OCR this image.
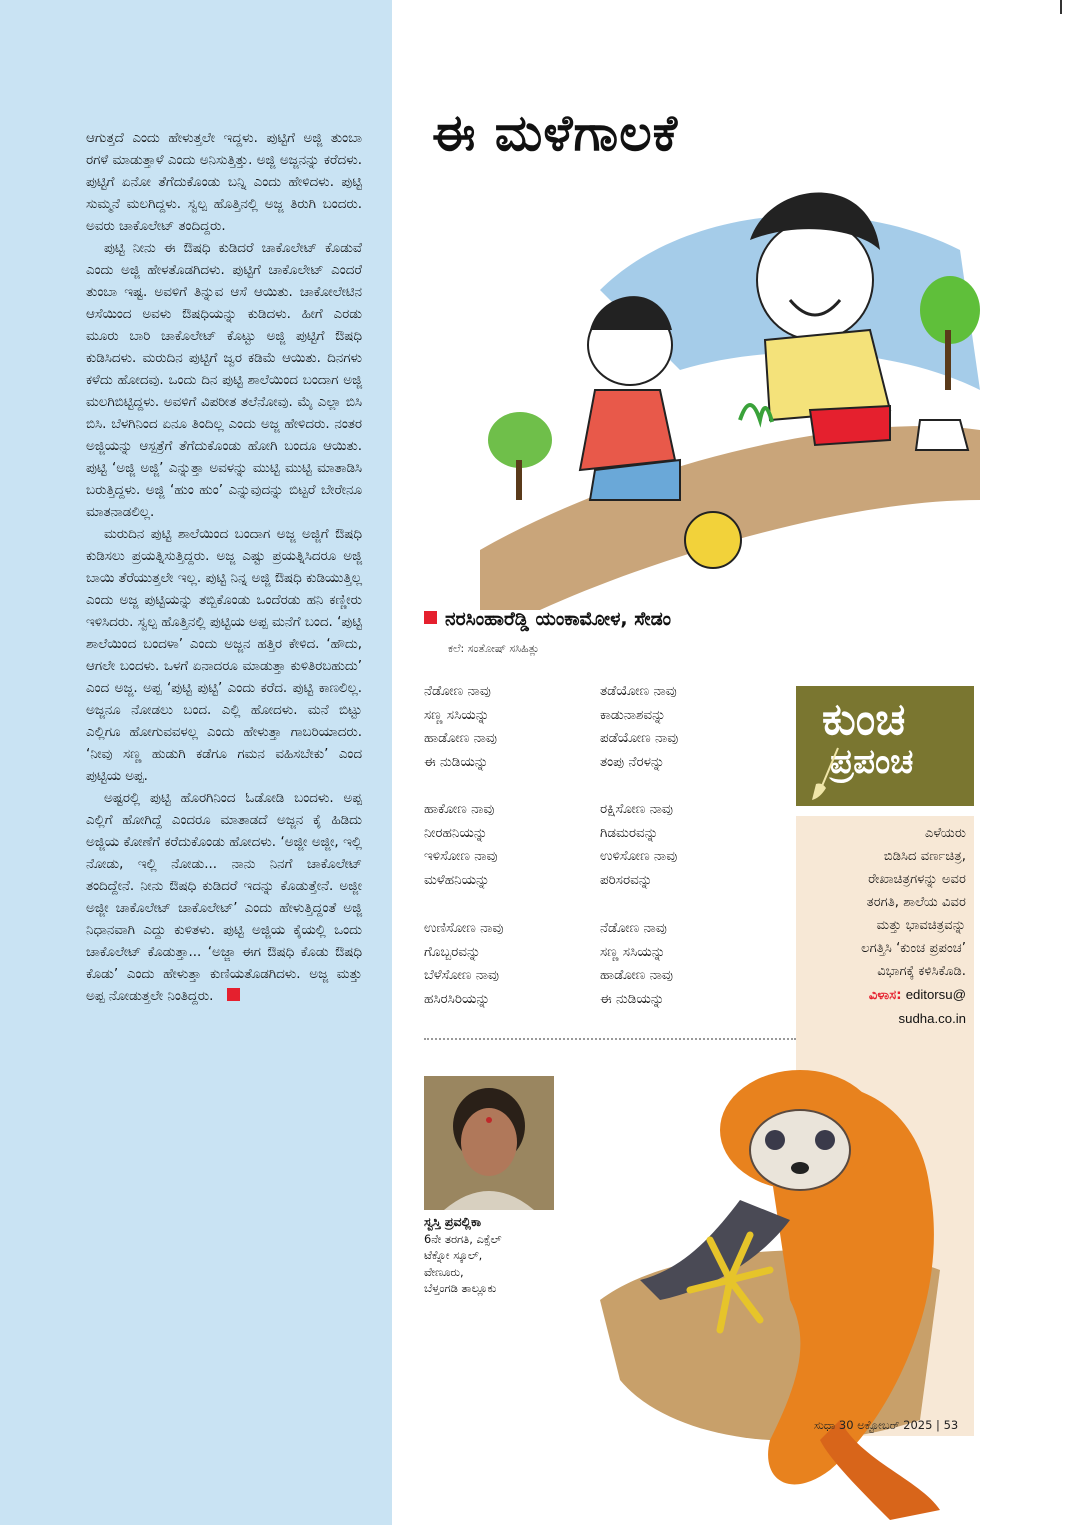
ಆಗುತ್ತದೆ ಎಂದು ಹೇಳುತ್ತಲೇ ಇದ್ದಳು. ಪುಟ್ಟಿಗೆ ಅಜ್ಜಿ ತುಂಬಾ ರಗಳೆ ಮಾಡುತ್ತಾಳೆ ಎಂದು ಅನಿಸುತ್ತಿತ್ತು. ಅಜ್ಜಿ ಅಜ್ಜನನ್ನು ಕರೆದಳು. ಪುಟ್ಟಿಗೆ ಏನೋ ತೆಗೆದುಕೊಂಡು ಬನ್ನಿ ಎಂದು ಹೇಳಿದಳು. ಪುಟ್ಟಿ ಸುಮ್ಮನೆ ಮಲಗಿದ್ದಳು. ಸ್ವಲ್ಪ ಹೊತ್ತಿನಲ್ಲಿ ಅಜ್ಜ ತಿರುಗಿ ಬಂದರು. ಅವರು ಚಾಕೊಲೇಟ್ ತಂದಿದ್ದರು.

ಪುಟ್ಟಿ ನೀನು ಈ ಔಷಧಿ ಕುಡಿದರೆ ಚಾಕೊಲೇಟ್ ಕೊಡುವೆ ಎಂದು ಅಜ್ಜಿ ಹೇಳತೊಡಗಿದಳು. ಪುಟ್ಟಿಗೆ ಚಾಕೊಲೇಟ್ ಎಂದರೆ ತುಂಬಾ ಇಷ್ಟ. ಅವಳಿಗೆ ತಿನ್ನುವ ಆಸೆ ಆಯಿತು. ಚಾಕೋಲೇಟಿನ ಆಸೆಯಿಂದ ಅವಳು ಔಷಧಿಯನ್ನು ಕುಡಿದಳು. ಹೀಗೆ ಎರಡು ಮೂರು ಬಾರಿ ಚಾಕೊಲೇಟ್ ಕೊಟ್ಟು ಅಜ್ಜಿ ಪುಟ್ಟಿಗೆ ಔಷಧಿ ಕುಡಿಸಿದಳು. ಮರುದಿನ ಪುಟ್ಟಿಗೆ ಜ್ವರ ಕಡಿಮೆ ಆಯಿತು. ದಿನಗಳು ಕಳೆದು ಹೋದವು. ಒಂದು ದಿನ ಪುಟ್ಟಿ ಶಾಲೆಯಿಂದ ಬಂದಾಗ ಅಜ್ಜಿ ಮಲಗಿಬಿಟ್ಟಿದ್ದಳು. ಅವಳಿಗೆ ವಿಪರೀತ ತಲೆನೋವು. ಮೈ ಎಲ್ಲಾ ಬಿಸಿ ಬಿಸಿ. ಬೆಳಗಿನಿಂದ ಏನೂ ತಿಂದಿಲ್ಲ ಎಂದು ಅಜ್ಜ ಹೇಳಿದರು. ನಂತರ ಅಜ್ಜಿಯನ್ನು ಆಸ್ಪತ್ರೆಗೆ ತೆಗೆದುಕೊಂಡು ಹೋಗಿ ಬಂದೂ ಆಯಿತು. ಪುಟ್ಟಿ ‘ಅಜ್ಜಿ ಅಜ್ಜಿ’ ಎನ್ನುತ್ತಾ ಅವಳನ್ನು ಮುಟ್ಟಿ ಮುಟ್ಟಿ ಮಾತಾಡಿಸಿ ಬರುತ್ತಿದ್ದಳು. ಅಜ್ಜಿ ‘ಹುಂ ಹುಂ’ ಎನ್ನುವುದನ್ನು ಬಿಟ್ಟರೆ ಬೇರೇನೂ ಮಾತನಾಡಲಿಲ್ಲ.

ಮರುದಿನ ಪುಟ್ಟಿ ಶಾಲೆಯಿಂದ ಬಂದಾಗ ಅಜ್ಜ ಅಜ್ಜಿಗೆ ಔಷಧಿ ಕುಡಿಸಲು ಪ್ರಯತ್ನಿಸುತ್ತಿದ್ದರು. ಅಜ್ಜ ಎಷ್ಟು ಪ್ರಯತ್ನಿಸಿದರೂ ಅಜ್ಜಿ ಬಾಯಿ ತೆರೆಯುತ್ತಲೇ ಇಲ್ಲ. ಪುಟ್ಟಿ ನಿನ್ನ ಅಜ್ಜಿ ಔಷಧಿ ಕುಡಿಯುತ್ತಿಲ್ಲ ಎಂದು ಅಜ್ಜ ಪುಟ್ಟಿಯನ್ನು ತಬ್ಬಿಕೊಂಡು ಒಂದೆರಡು ಹನಿ ಕಣ್ಣೀರು ಇಳಿಸಿದರು. ಸ್ವಲ್ಪ ಹೊತ್ತಿನಲ್ಲಿ ಪುಟ್ಟಿಯ ಅಪ್ಪ ಮನೆಗೆ ಬಂದ. ‘ಪುಟ್ಟಿ ಶಾಲೆಯಿಂದ ಬಂದಳಾ’ ಎಂದು ಅಜ್ಜನ ಹತ್ತಿರ ಕೇಳಿದ. ‘ಹೌದು, ಆಗಲೇ ಬಂದಳು. ಒಳಗೆ ಏನಾದರೂ ಮಾಡುತ್ತಾ ಕುಳಿತಿರಬಹುದು’ ಎಂದ ಅಜ್ಜ. ಅಪ್ಪ ‘ಪುಟ್ಟಿ ಪುಟ್ಟಿ’ ಎಂದು ಕರೆದ. ಪುಟ್ಟಿ ಕಾಣಲಿಲ್ಲ. ಅಜ್ಜನೂ ನೋಡಲು ಬಂದ. ಎಲ್ಲಿ ಹೋದಳು. ಮನೆ ಬಿಟ್ಟು ಎಲ್ಲಿಗೂ ಹೋಗುವವಳಲ್ಲ ಎಂದು ಹೇಳುತ್ತಾ ಗಾಬರಿಯಾದರು. ‘ನೀವು ಸಣ್ಣ ಹುಡುಗಿ ಕಡೆಗೂ ಗಮನ ವಹಿಸಬೇಕು’ ಎಂದ ಪುಟ್ಟಿಯ ಅಪ್ಪ.

ಅಷ್ಟರಲ್ಲಿ ಪುಟ್ಟಿ ಹೊರಗಿನಿಂದ ಓಡೋಡಿ ಬಂದಳು. ಅಪ್ಪ ಎಲ್ಲಿಗೆ ಹೋಗಿದ್ದೆ ಎಂದರೂ ಮಾತಾಡದೆ ಅಜ್ಜನ ಕೈ ಹಿಡಿದು ಅಜ್ಜಿಯ ಕೋಣೆಗೆ ಕರೆದುಕೊಂಡು ಹೋದಳು. ‘ಅಜ್ಜೀ ಅಜ್ಜೀ, ಇಲ್ಲಿ ನೋಡು, ಇಲ್ಲಿ ನೋಡು... ನಾನು ನಿನಗೆ ಚಾಕೊಲೇಟ್ ತಂದಿದ್ದೇನೆ. ನೀನು ಔಷಧಿ ಕುಡಿದರೆ ಇದನ್ನು ಕೊಡುತ್ತೇನೆ. ಅಜ್ಜೀ ಅಜ್ಜೀ ಚಾಕೊಲೇಟ್ ಚಾಕೊಲೇಟ್’ ಎಂದು ಹೇಳುತ್ತಿದ್ದಂತೆ ಅಜ್ಜಿ ನಿಧಾನವಾಗಿ ಎದ್ದು ಕುಳಿತಳು. ಪುಟ್ಟಿ ಅಜ್ಜಿಯ ಕೈಯಲ್ಲಿ ಒಂದು ಚಾಕೊಲೇಟ್ ಕೊಡುತ್ತಾ... ‘ಅಜ್ಜಾ ಈಗ ಔಷಧಿ ಕೊಡು ಔಷಧಿ ಕೊಡು’ ಎಂದು ಹೇಳುತ್ತಾ ಕುಣಿಯತೊಡಗಿದಳು. ಅಜ್ಜ ಮತ್ತು ಅಪ್ಪ ನೋಡುತ್ತಲೇ ನಿಂತಿದ್ದರು.

ಈ ಮಳೆಗಾಲಕೆ
ನರಸಿಂಹಾರೆಡ್ಡಿ ಯಂಕಾಮೋಳ, ಸೇಡಂ
ಕಲೆ: ಸಂತೋಷ್ ಸಸಿಹಿತ್ಲು
ನೆಡೋಣ ನಾವು
ಸಣ್ಣ ಸಸಿಯನ್ನು
ಹಾಡೋಣ ನಾವು
ಈ ನುಡಿಯನ್ನು
ತಡೆಯೋಣ ನಾವು
ಕಾಡುನಾಶವನ್ನು
ಪಡೆಯೋಣ ನಾವು
ತಂಪು ನೆರಳನ್ನು
ಹಾಕೋಣ ನಾವು
ನೀರಹನಿಯನ್ನು
ಇಳಿಸೋಣ ನಾವು
ಮಳೆಹನಿಯನ್ನು
ರಕ್ಷಿಸೋಣ ನಾವು
ಗಿಡಮರವನ್ನು
ಉಳಿಸೋಣ ನಾವು
ಪರಿಸರವನ್ನು
ಉಣಿಸೋಣ ನಾವು
ಗೊಬ್ಬರವನ್ನು
ಬೆಳೆಸೋಣ ನಾವು
ಹಸಿರಸಿರಿಯನ್ನು
ನೆಡೋಣ ನಾವು
ಸಣ್ಣ ಸಸಿಯನ್ನು
ಹಾಡೋಣ ನಾವು
ಈ ನುಡಿಯನ್ನು
ಕುಂಚ
ಪ್ರಪಂಚ
ಎಳೆಯರು
ಬಿಡಿಸಿದ ವರ್ಣಚಿತ್ರ,
ರೇಖಾಚಿತ್ರಗಳನ್ನು ಅವರ
ತರಗತಿ, ಶಾಲೆಯ ವಿವರ
ಮತ್ತು ಭಾವಚಿತ್ರವನ್ನು
ಲಗತ್ತಿಸಿ ‘ಕುಂಚ ಪ್ರಪಂಚ’
ವಿಭಾಗಕ್ಕೆ ಕಳಿಸಿಕೊಡಿ.
ವಿಳಾಸ: editorsu@
sudha.co.in
ಸ್ವಸ್ತಿ ಪ್ರವಲ್ಲಿಕಾ
6ನೇ ತರಗತಿ, ಎಕ್ಸೆಲ್
ಟೆಕ್ನೋ ಸ್ಕೂಲ್,
ವೇಣೂರು,
ಬೆಳ್ತಂಗಡಿ ತಾಲ್ಲೂಕು
ಸುಧಾ 30 ಅಕ್ಟೋಬರ್ 2025 | 53
